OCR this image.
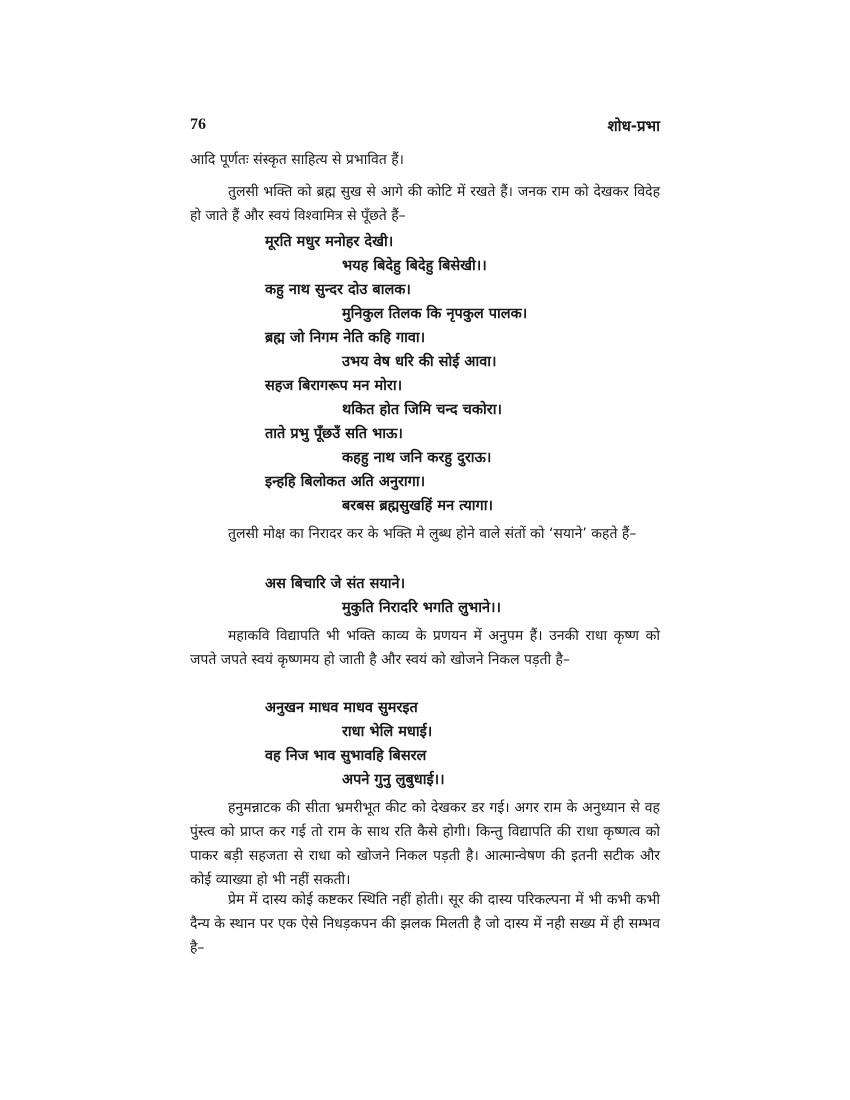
76	शोध-प्रभा
आदि पूर्णतः संस्कृत साहित्य से प्रभावित हैं।
तुलसी भक्ति को ब्रह्म सुख से आगे की कोटि में रखते हैं। जनक राम को देखकर विदेह हो जाते हैं और स्वयं विश्वामित्र से पूँछते हैं–
मूरति मधुर मनोहर देखी।
भयह बिदेहु बिदेहु बिसेखी।।
कहु नाथ सुन्दर दोउ बालक।
मुनिकुल तिलक कि नृपकुल पालक।
ब्रह्म जो निगम नेति कहि गावा।
उभय वेष धरि की सोई आवा।
सहज बिरागरूप मन मोरा।
थकित होत जिमि चन्द चकोरा।
ताते प्रभु पूँछउँ सति भाऊ।
कहहु नाथ जनि करहु दुराऊ।
इन्हहि बिलोकत अति अनुरागा।
बरबस ब्रह्मसुखहिं मन त्यागा।
तुलसी मोक्ष का निरादर कर के भक्ति मे लुब्ध होने वाले संतों को ‘सयाने’ कहते हैं–
अस बिचारि जे संत सयाने।
मुकुति निरादरि भगति लुभाने।।
महाकवि विद्यापति भी भक्ति काव्य के प्रणयन में अनुपम हैं। उनकी राधा कृष्ण को जपते जपते स्वयं कृष्णमय हो जाती है और स्वयं को खोजने निकल पड़ती है–
अनुखन माधव माधव सुमरइत
राधा भेलि मधाई।
वह निज भाव सुभावहि बिसरल
अपने गुनु लुबुधाई।।
हनुमन्नाटक की सीता भ्रमरीभूत कीट को देखकर डर गई। अगर राम के अनुध्यान से वह पुंस्त्व को प्राप्त कर गई तो राम के साथ रति कैसे होगी। किन्तु विद्यापति की राधा कृष्णत्व को पाकर बड़ी सहजता से राधा को खोजने निकल पड़ती है। आत्मान्वेषण की इतनी सटीक और कोई व्याख्या हो भी नहीं सकती।
प्रेम में दास्य कोई कष्टकर स्थिति नहीं होती। सूर की दास्य परिकल्पना में भी कभी कभी दैन्य के स्थान पर एक ऐसे निधड़कपन की झलक मिलती है जो दास्य में नही सख्य में ही सम्भव है–
